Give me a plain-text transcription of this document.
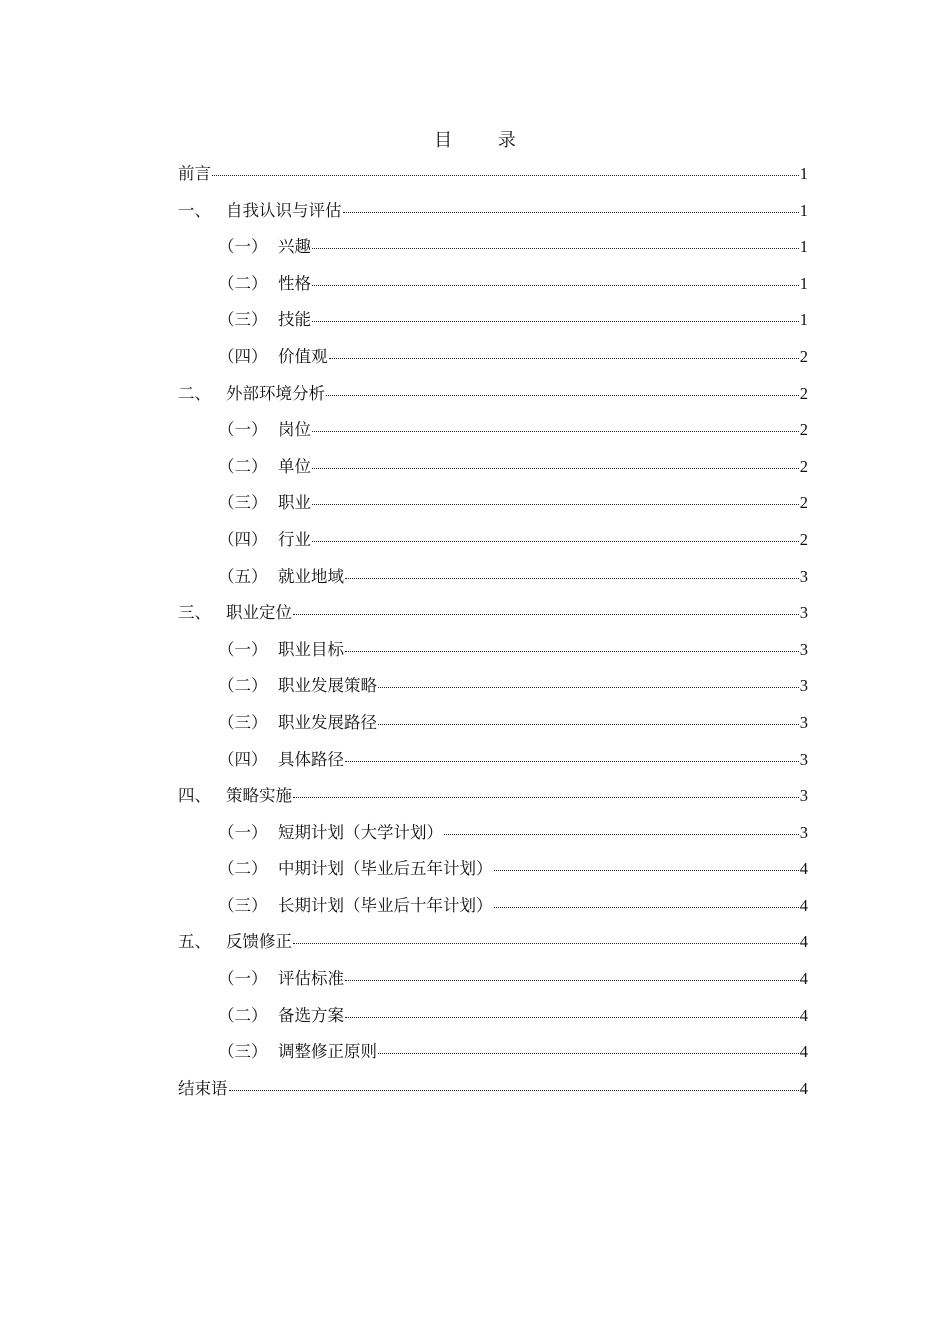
目 录
前言	1
一、 自我认识与评估	1
（一） 兴趣	1
（二） 性格	1
（三） 技能	1
（四） 价值观	2
二、 外部环境分析	2
（一） 岗位	2
（二） 单位	2
（三） 职业	2
（四） 行业	2
（五） 就业地域	3
三、 职业定位	3
（一） 职业目标	3
（二） 职业发展策略	3
（三） 职业发展路径	3
（四） 具体路径	3
四、 策略实施	3
（一） 短期计划（大学计划）	3
（二） 中期计划（毕业后五年计划）	4
（三） 长期计划（毕业后十年计划）	4
五、 反馈修正	4
（一） 评估标准	4
（二） 备选方案	4
（三） 调整修正原则	4
结束语	4
